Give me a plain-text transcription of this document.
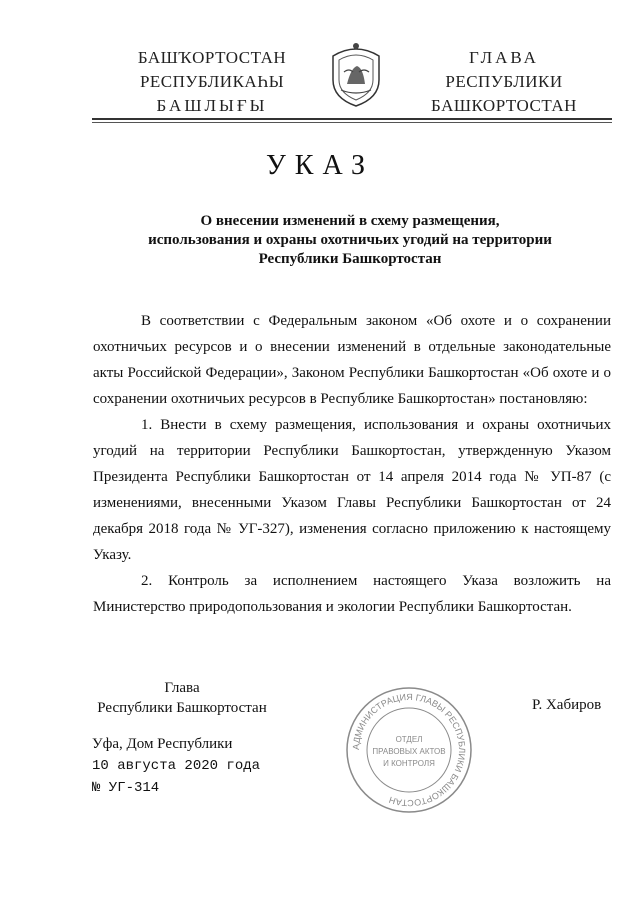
БАШҠОРТОСТАН
РЕСПУБЛИКАҺЫ
БАШЛЫҒЫ
ГЛАВА
РЕСПУБЛИКИ
БАШКОРТОСТАН
УКАЗ
О внесении изменений в схему размещения,
использования и охраны охотничьих угодий на территории
Республики Башкортостан

В соответствии с Федеральным законом «Об охоте и о сохранении охотничьих ресурсов и о внесении изменений в отдельные законодательные акты Российской Федерации», Законом Республики Башкортостан «Об охоте и о сохранении охотничьих ресурсов в Республике Башкортостан» постановляю:

1. Внести в схему размещения, использования и охраны охотничьих угодий на территории Республики Башкортостан, утвержденную Указом Президента Республики Башкортостан от 14 апреля 2014 года № УП-87 (с изменениями, внесенными Указом Главы Республики Башкортостан от 24 декабря 2018 года № УГ-327), изменения согласно приложению к настоящему Указу.

2. Контроль за исполнением настоящего Указа возложить на Министерство природопользования и экологии Республики Башкортостан.

Глава
Республики Башкортостан	Р. Хабиров
АДМИНИСТРАЦИЯ ГЛАВЫ РЕСПУБЛИКИ БАШКОРТОСТАН
ОТДЕЛ
ПРАВОВЫХ АКТОВ
И КОНТРОЛЯ
Уфа, Дом Республики
10 августа 2020 года
№ УГ-314
